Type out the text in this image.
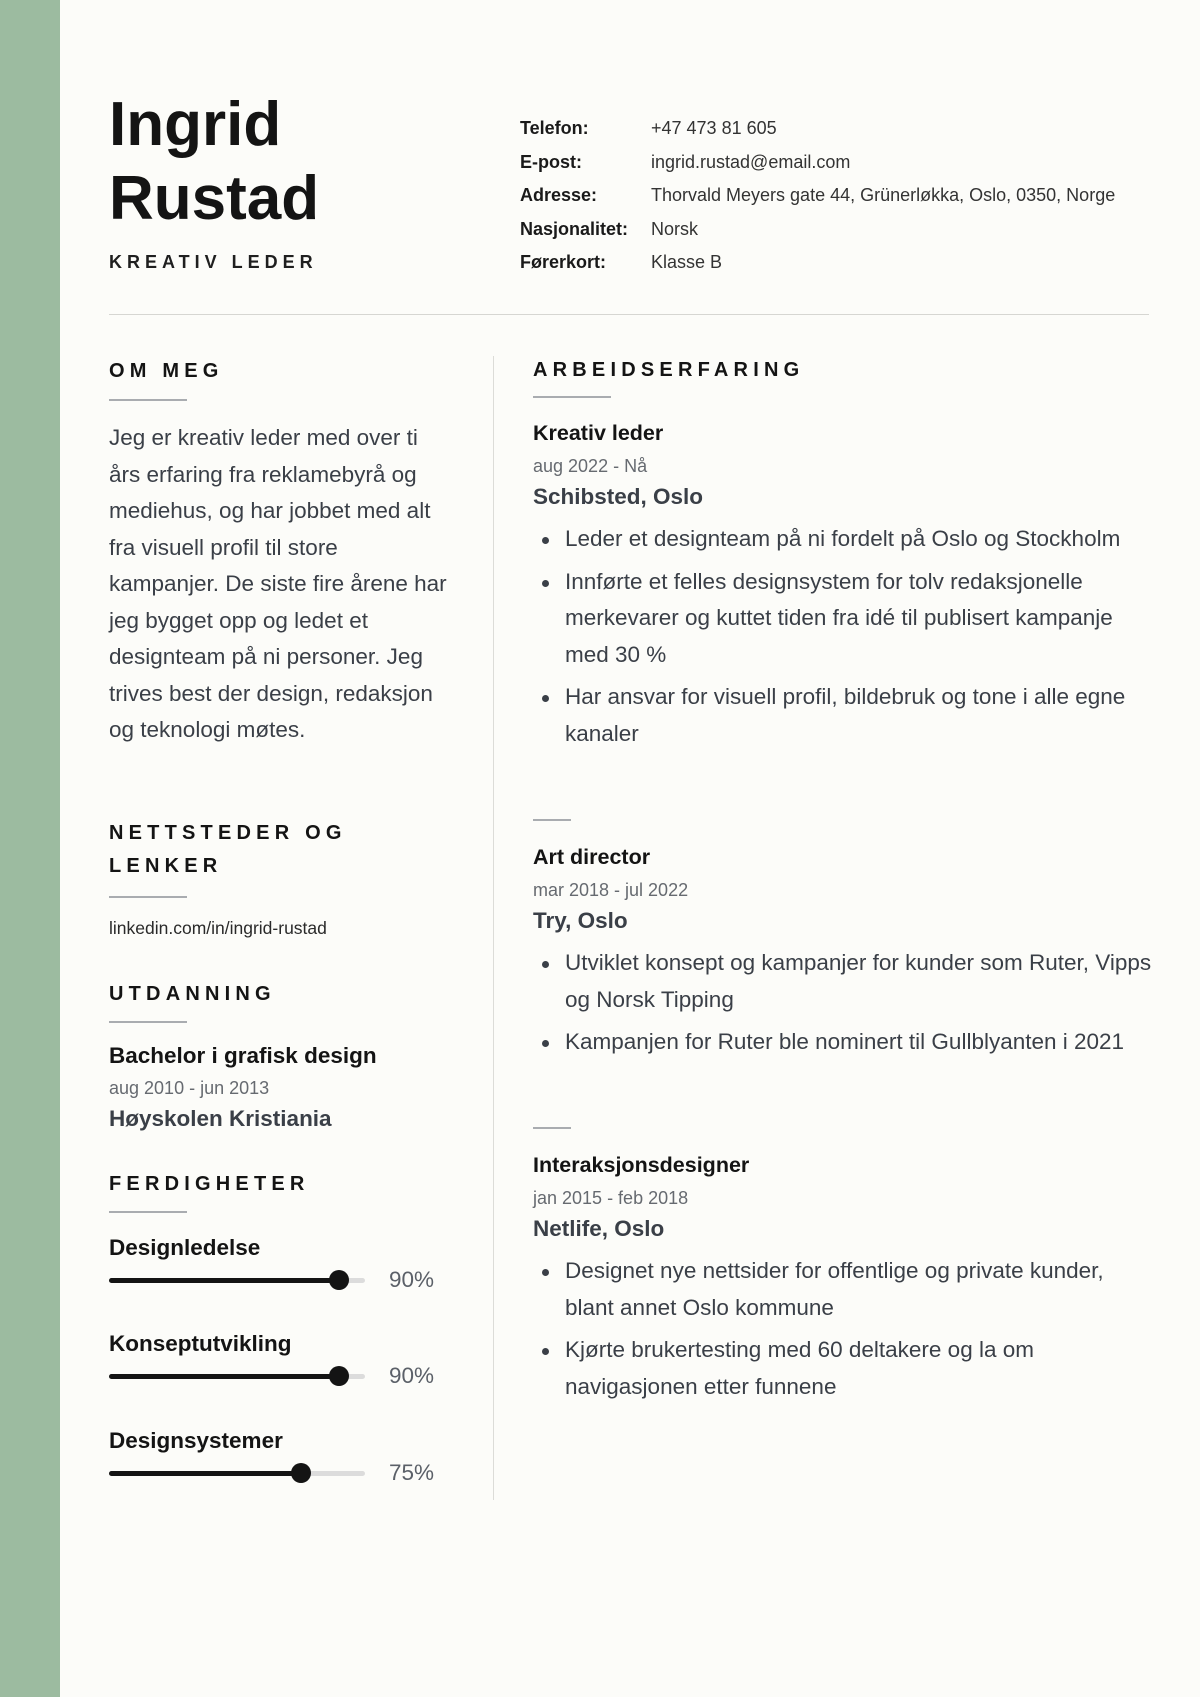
Ingrid
Rustad
KREATIV LEDER
Telefon:	+47 473 81 605
E-post:	ingrid.rustad@email.com
Adresse:	Thorvald Meyers gate 44, Grünerløkka, Oslo, 0350, Norge
Nasjonalitet:	Norsk
Førerkort:	Klasse B
OM MEG

Jeg er kreativ leder med over ti års erfaring fra reklamebyrå og mediehus, og har jobbet med alt fra visuell profil til store kampanjer. De siste fire årene har jeg bygget opp og ledet et designteam på ni personer. Jeg trives best der design, redaksjon og teknologi møtes.

NETTSTEDER OG
LENKER
linkedin.com/in/ingrid-rustad
UTDANNING
Bachelor i grafisk design
aug 2010 - jun 2013
Høyskolen Kristiania
FERDIGHETER
Designledelse
90%
Konseptutvikling
90%
Designsystemer
75%
ARBEIDSERFARING
Kreativ leder
aug 2022 - Nå
Schibsted, Oslo
Leder et designteam på ni fordelt på Oslo og Stockholm
Innførte et felles designsystem for tolv redaksjonelle merkevarer og kuttet tiden fra idé til publisert kampanje med 30 %
Har ansvar for visuell profil, bildebruk og tone i alle egne kanaler
Art director
mar 2018 - jul 2022
Try, Oslo
Utviklet konsept og kampanjer for kunder som Ruter, Vipps og Norsk Tipping
Kampanjen for Ruter ble nominert til Gullblyanten i 2021
Interaksjonsdesigner
jan 2015 - feb 2018
Netlife, Oslo
Designet nye nettsider for offentlige og private kunder, blant annet Oslo kommune
Kjørte brukertesting med 60 deltakere og la om navigasjonen etter funnene
